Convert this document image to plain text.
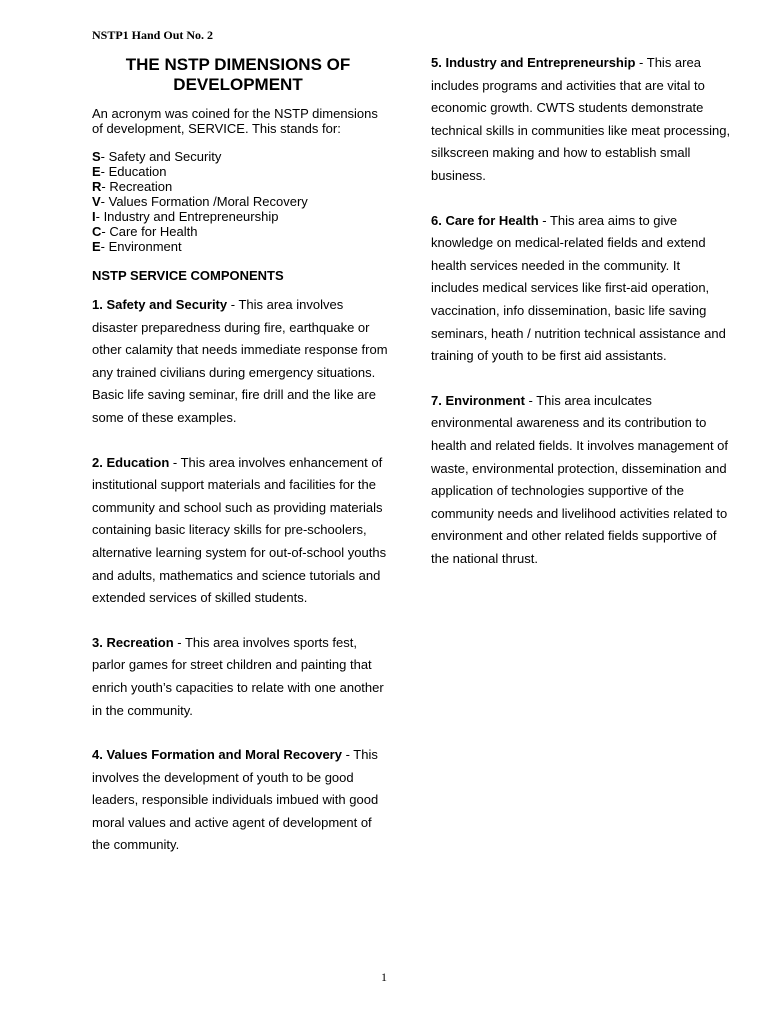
NSTP1 Hand Out No. 2
THE NSTP DIMENSIONS OF DEVELOPMENT

An acronym was coined for the NSTP dimensions of development, SERVICE. This stands for:

S- Safety and Security
E- Education
R- Recreation
V- Values Formation /Moral Recovery
I- Industry and Entrepreneurship
C- Care for Health
E- Environment
NSTP SERVICE COMPONENTS

1. Safety and Security - This area involves disaster preparedness during fire, earthquake or other calamity that needs immediate response from any trained civilians during emergency situations. Basic life saving seminar, fire drill and the like are some of these examples.

2. Education - This area involves enhancement of institutional support materials and facilities for the community and school such as providing materials containing basic literacy skills for pre-schoolers, alternative learning system for out-of-school youths and adults, mathematics and science tutorials and extended services of skilled students.

3. Recreation - This area involves sports fest, parlor games for street children and painting that enrich youth’s capacities to relate with one another in the community.

4. Values Formation and Moral Recovery - This involves the development of youth to be good leaders, responsible individuals imbued with good moral values and active agent of development of the community.

5. Industry and Entrepreneurship - This area includes programs and activities that are vital to economic growth. CWTS students demonstrate technical skills in communities like meat processing, silkscreen making and how to establish small business.

6. Care for Health - This area aims to give knowledge on medical-related fields and extend health services needed in the community. It includes medical services like first-aid operation, vaccination, info dissemination, basic life saving seminars, heath / nutrition technical assistance and training of youth to be first aid assistants.

7. Environment - This area inculcates environmental awareness and its contribution to health and related fields. It involves management of waste, environmental protection, dissemination and application of technologies supportive of the community needs and livelihood activities related to environment and other related fields supportive of the national thrust.

1
